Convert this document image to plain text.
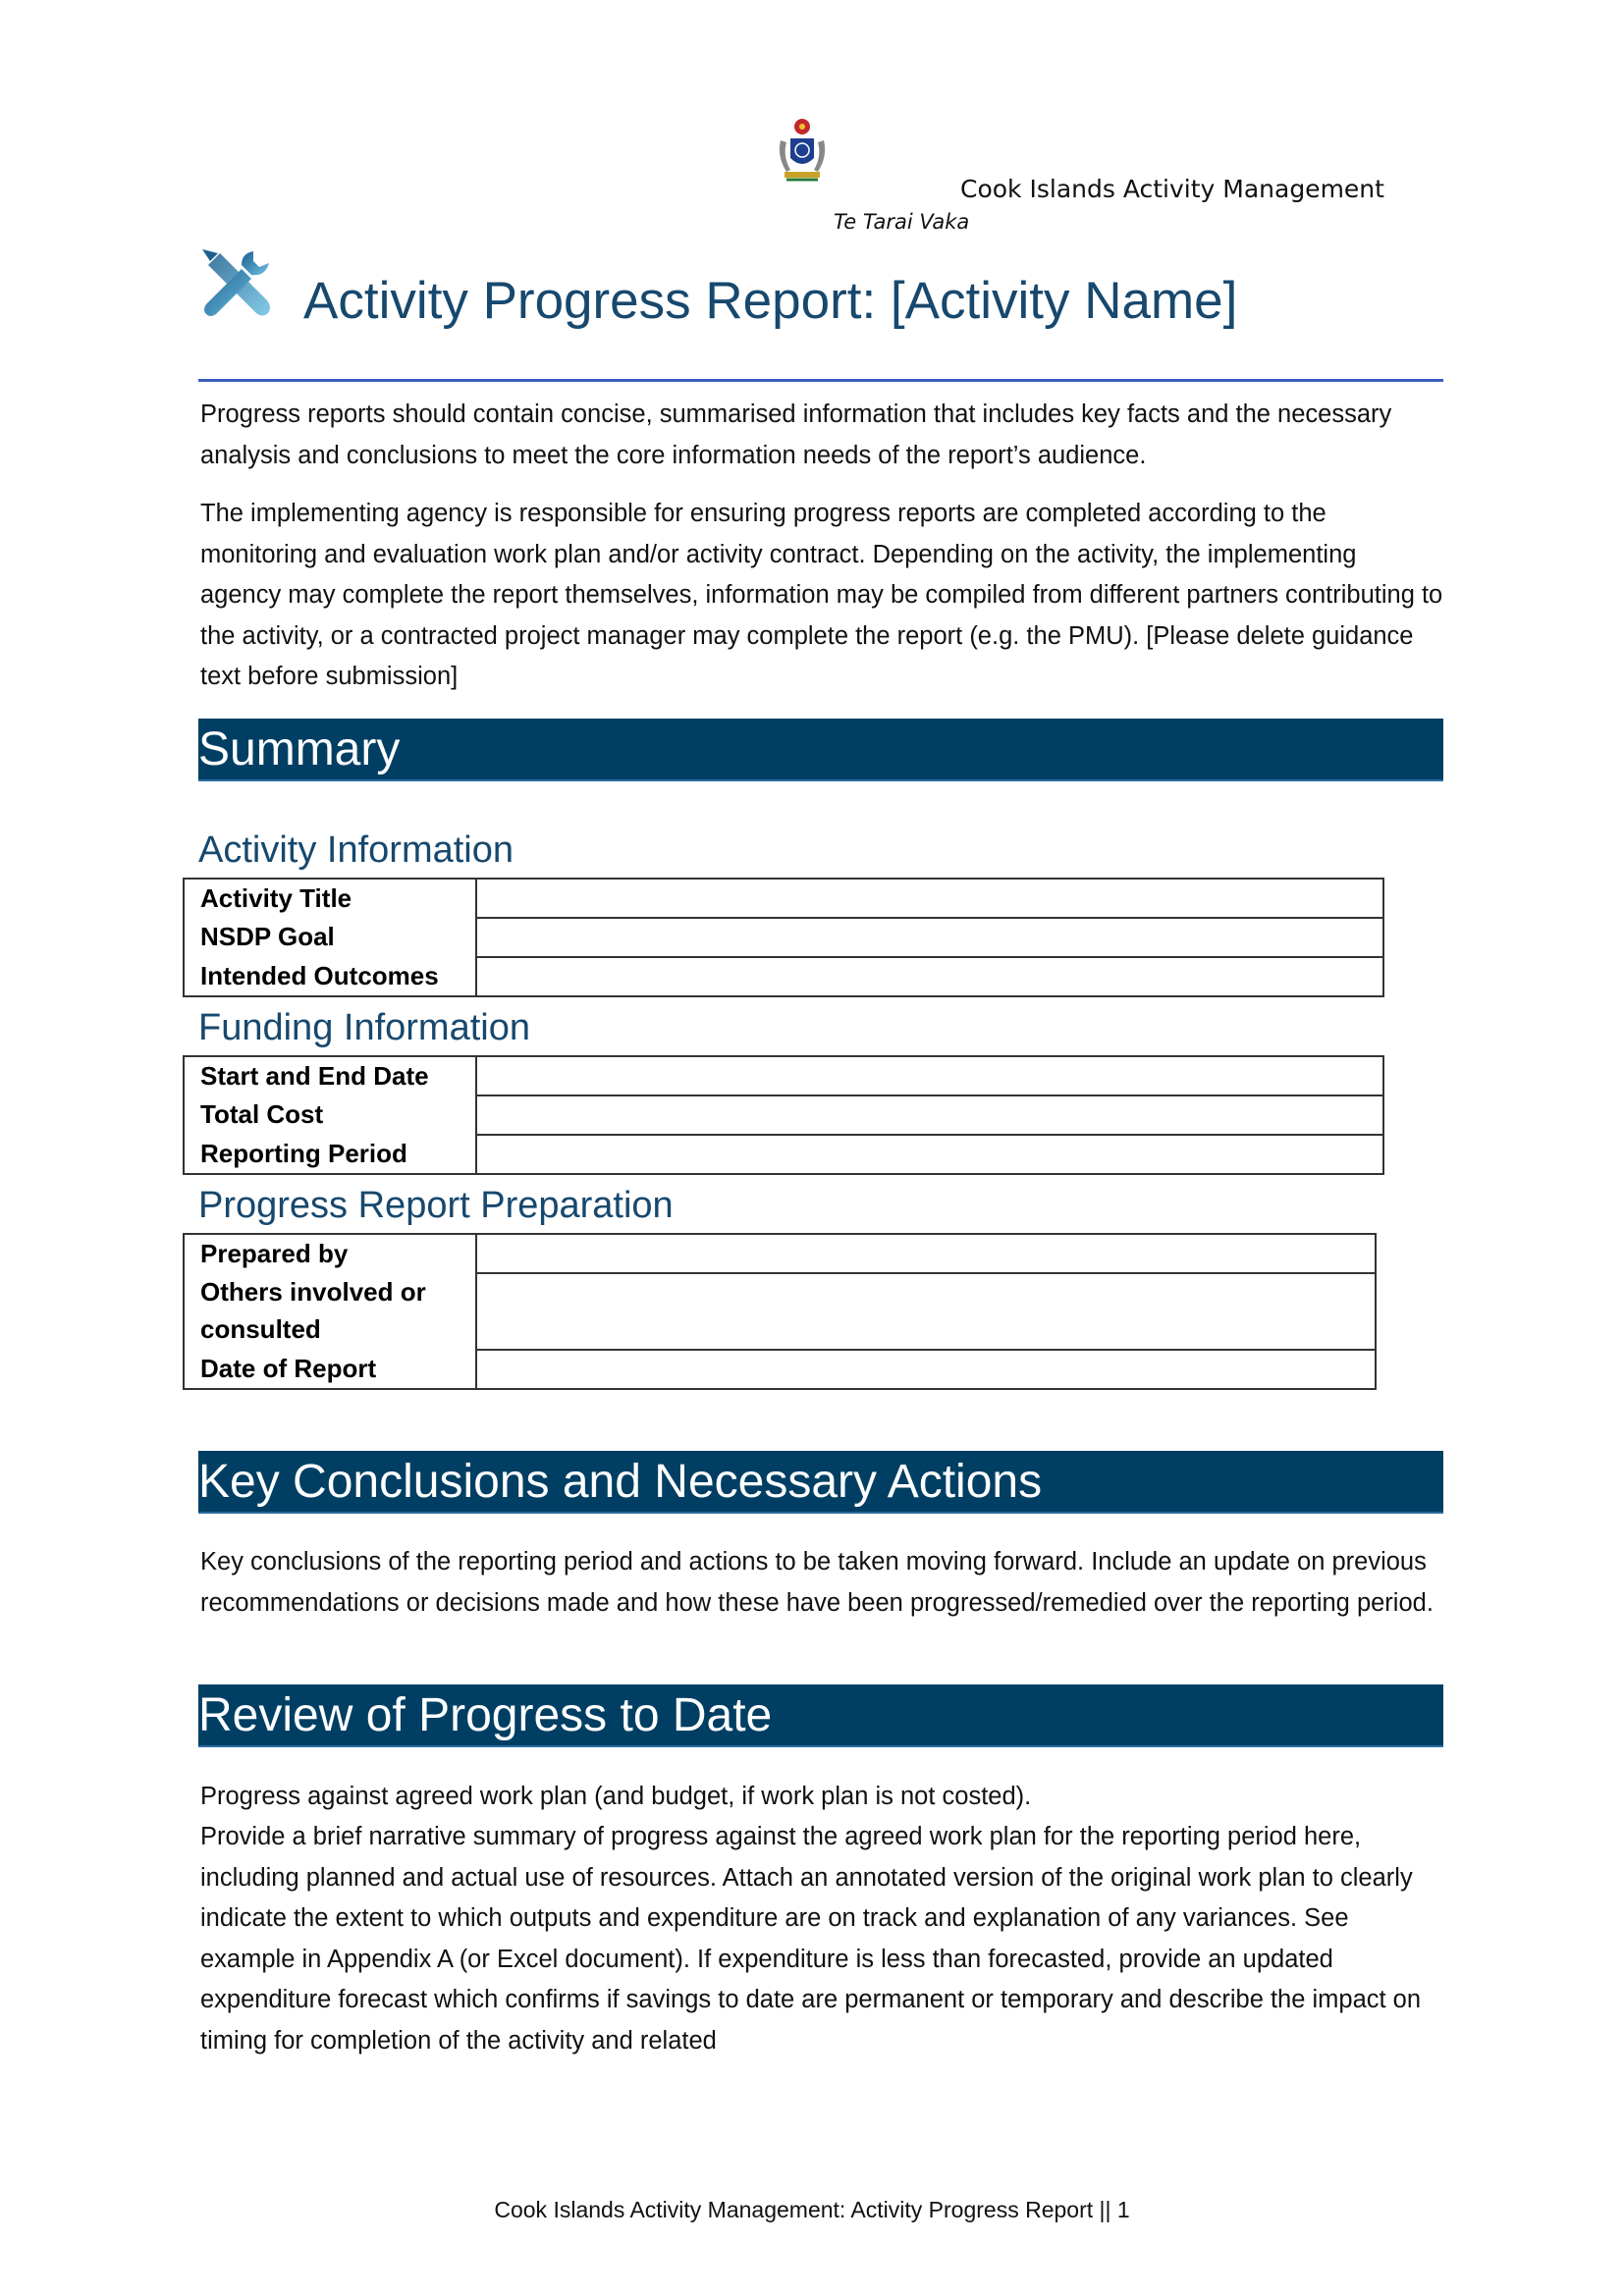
Cook Islands Activity Management
Te Tarai Vaka
Activity Progress Report: [Activity Name]

Progress reports should contain concise, summarised information that includes key facts and the necessary analysis and conclusions to meet the core information needs of the report’s audience.

The implementing agency is responsible for ensuring progress reports are completed according to the monitoring and evaluation work plan and/or activity contract. Depending on the activity, the implementing agency may complete the report themselves, information may be compiled from different partners contributing to the activity, or a contracted project manager may complete the report (e.g. the PMU). [Please delete guidance text before submission]

Summary
Activity Information
Activity Title	
NSDP Goal	
Intended Outcomes	
Funding Information
Start and End Date	
Total Cost	
Reporting Period	
Progress Report Preparation
Prepared by	
Others involved or consulted	
Date of Report	
Key Conclusions and Necessary Actions

Key conclusions of the reporting period and actions to be taken moving forward. Include an update on previous recommendations or decisions made and how these have been progressed/remedied over the reporting period.

Review of Progress to Date

Progress against agreed work plan (and budget, if work plan is not costed).

Provide a brief narrative summary of progress against the agreed work plan for the reporting period here, including planned and actual use of resources. Attach an annotated version of the original work plan to clearly indicate the extent to which outputs and expenditure are on track and explanation of any variances. See example in Appendix A (or Excel document). If expenditure is less than forecasted, provide an updated expenditure forecast which confirms if savings to date are permanent or temporary and describe the impact on timing for completion of the activity and related

Cook Islands Activity Management: Activity Progress Report || 1
